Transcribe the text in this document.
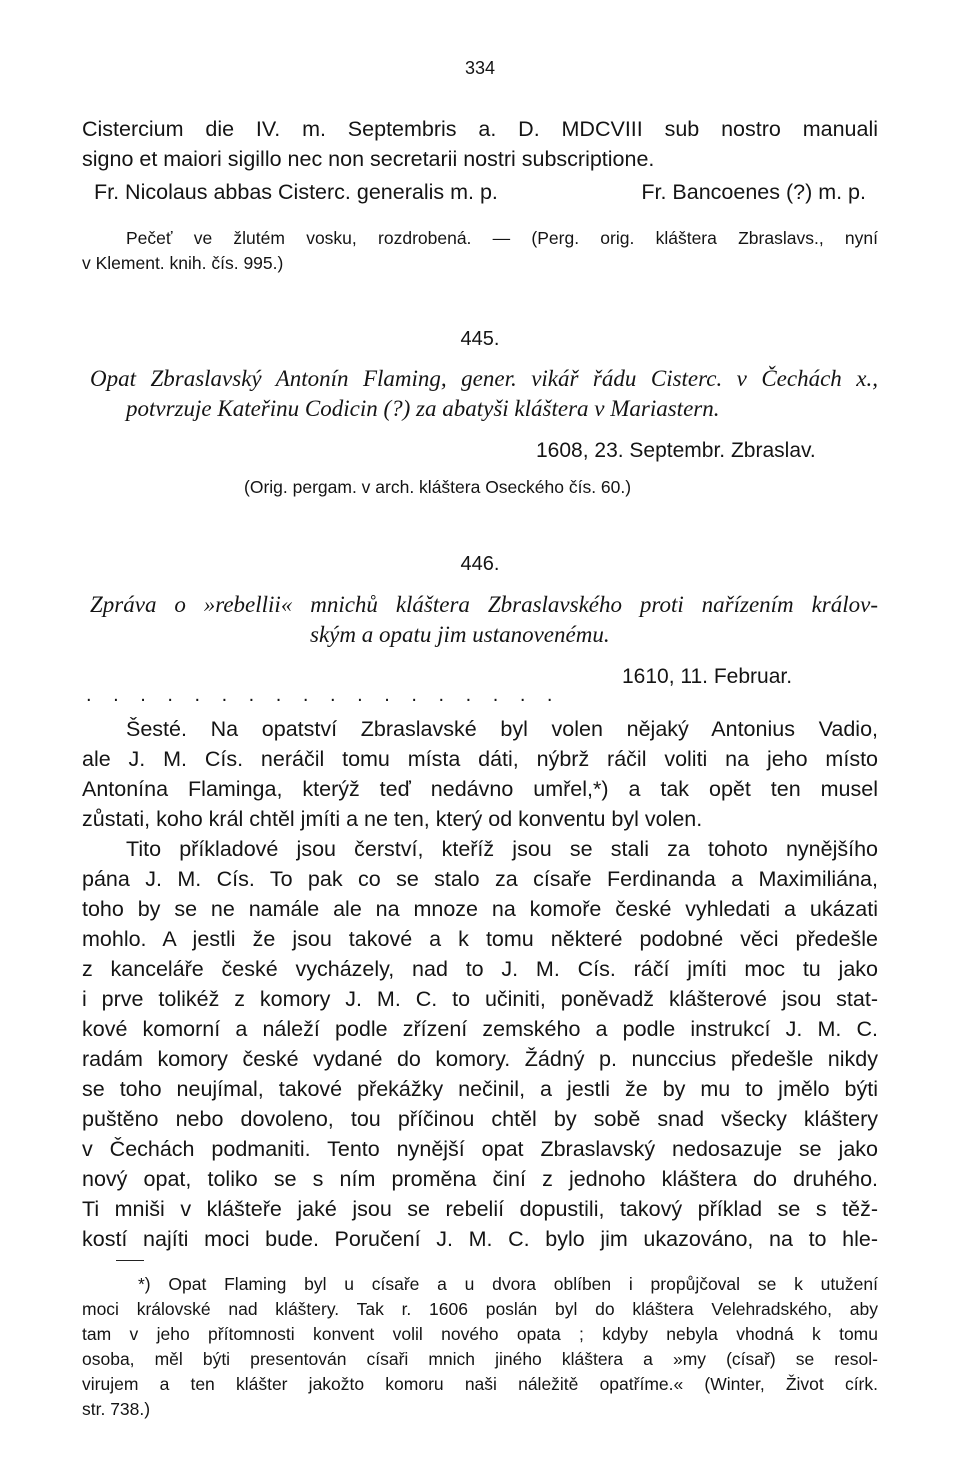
334
Cistercium die IV. m. Septembris a. D. MDCVIII sub nostro manuali
signo et maiori sigillo nec non secretarii nostri subscriptione.
Fr. Nicolaus abbas Cisterc. generalis m. p.	Fr. Bancoenes (?) m. p.
Pečeť ve žlutém vosku, rozdrobená. — (Perg. orig. kláštera Zbraslavs., nyní
v Klement. knih. čís. 995.)
445.
Opat Zbraslavský Antonín Flaming, gener. vikář řádu Cisterc. v Čechách x.,
potvrzuje Kateřinu Codicin (?) za abatyši kláštera v Mariastern.
1608, 23. Septembr. Zbraslav.
(Orig. pergam. v arch. kláštera Oseckého čís. 60.)
446.
Zpráva o »rebellii« mnichů kláštera Zbraslavského proti nařízením králov-
ským a opatu jim ustanovenému.
1610, 11. Februar.
. . . . . . . . . . . . . . . . . .
Šesté. Na opatství Zbraslavské byl volen nějaký Antonius Vadio,
ale J. M. Cís. neráčil tomu místa dáti, nýbrž ráčil voliti na jeho místo
Antonína Flaminga, kterýž teď nedávno umřel,*) a tak opět ten musel
zůstati, koho král chtěl jmíti a ne ten, který od konventu byl volen.
Tito příkladové jsou čerství, kteříž jsou se stali za tohoto nynějšího
pána J. M. Cís. To pak co se stalo za císaře Ferdinanda a Maximiliána,
toho by se ne namále ale na mnoze na komoře české vyhledati a ukázati
mohlo. A jestli že jsou takové a k tomu některé podobné věci předešle
z kanceláře české vycházely, nad to J. M. Cís. ráčí jmíti moc tu jako
i prve tolikéž z komory J. M. C. to učiniti, poněvadž klášterové jsou stat-
kové komorní a náleží podle zřízení zemského a podle instrukcí J. M. C.
radám komory české vydané do komory. Žádný p. nunccius předešle nikdy
se toho neujímal, takové překážky nečinil, a jestli že by mu to jmělo býti
puštěno nebo dovoleno, tou příčinou chtěl by sobě snad všecky kláštery
v Čechách podmaniti. Tento nynější opat Zbraslavský nedosazuje se jako
nový opat, toliko se s ním proměna činí z jednoho kláštera do druhého.
Ti mniši v klášteře jaké jsou se rebelií dopustili, takový příklad se s těž-
kostí najíti moci bude. Poručení J. M. C. bylo jim ukazováno, na to hle-
*) Opat Flaming byl u císaře a u dvora oblíben i propůjčoval se k utužení
moci královské nad kláštery. Tak r. 1606 poslán byl do kláštera Velehradského, aby
tam v jeho přítomnosti konvent volil nového opata ; kdyby nebyla vhodná k tomu
osoba, měl býti presentován císaři mnich jiného kláštera a »my (císař) se resol-
virujem a ten klášter jakožto komoru naši náležitě opatříme.« (Winter, Život círk.
str. 738.)
